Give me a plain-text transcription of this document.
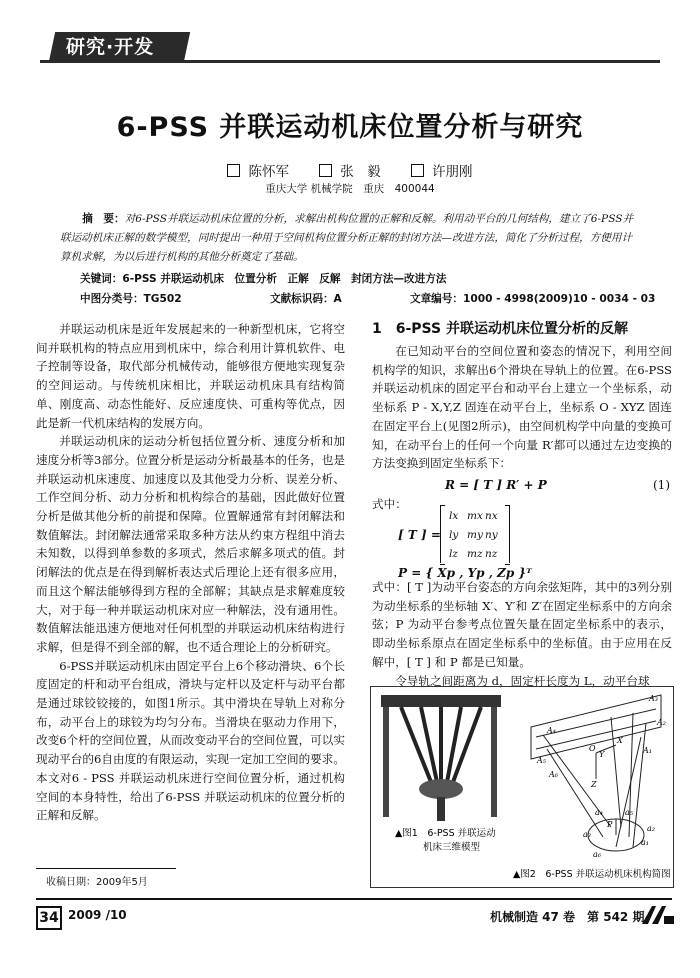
研究·开发
6-PSS 并联运动机床位置分析与研究
陈怀军	张　毅	许朋刚
重庆大学 机械学院　重庆　400044
摘　要：对6-PSS并联运动机床位置的分析，求解出机构位置的正解和反解。利用动平台的几何结构，建立了6-PSS并联运动机床正解的数学模型，同时提出一种用于空间机构位置分析正解的封闭方法—改进方法，简化了分析过程，方便用计算机求解，为以后进行机构的其他分析奠定了基础。
关键词：6-PSS 并联运动机床　位置分析　正解　反解　封闭方法—改进方法
中图分类号：TG502	文献标识码：A	文章编号：1000 - 4998(2009)10 - 0034 - 03

并联运动机床是近年发展起来的一种新型机床，它将空间并联机构的特点应用到机床中，综合利用计算机软件、电子控制等设备，取代部分机械传动，能够很方便地实现复杂的空间运动。与传统机床相比，并联运动机床具有结构简单、刚度高、动态性能好、反应速度快、可重构等优点，因此是新一代机床结构的发展方向。

并联运动机床的运动分析包括位置分析、速度分析和加速度分析等3部分。位置分析是运动分析最基本的任务，也是并联运动机床速度、加速度以及其他受力分析、误差分析、工作空间分析、动力分析和机构综合的基础，因此做好位置分析是做其他分析的前提和保障。位置解通常有封闭解法和数值解法。封闭解法通常采取多种方法从约束方程组中消去未知数，以得到单参数的多项式，然后求解多项式的值。封闭解法的优点是在得到解析表达式后理论上还有很多应用，而且这个解法能够得到方程的全部解；其缺点是求解难度较大，对于每一种并联运动机床对应一种解法，没有通用性。数值解法能迅速方便地对任何机型的并联运动机床结构进行求解，但是得不到全部的解，也不适合理论上的分析研究。

6-PSS并联运动机床由固定平台上6个移动滑块、6个长度固定的杆和动平台组成，滑块与定杆以及定杆与动平台都是通过球铰铰接的，如图1所示。其中滑块在导轨上对称分布，动平台上的球铰为均匀分布。当滑块在驱动力作用下，改变6个杆的空间位置，从而改变动平台的空间位置，可以实现动平台的6自由度的有限运动，实现一定加工空间的要求。本文对6 - PSS 并联运动机床进行空间位置分析，通过机构空间的本身特性，给出了6-PSS 并联运动机床的位置分析的正解和反解。

收稿日期：2009年5月
1　6-PSS 并联运动机床位置分析的反解

在已知动平台的空间位置和姿态的情况下，利用空间机构学的知识，求解出6个滑块在导轨上的位置。在6-PSS 并联运动机床的固定平台和动平台上建立一个坐标系，动坐标系 P - X,Y,Z 固连在动平台上，坐标系 O - XYZ 固连在固定平台上(见图2所示)，由空间机构学中向量的变换可知，在动平台上的任何一个向量 R′都可以通过左边变换的方法变换到固定坐标系下：

R = [ T ] R′ + P	(1)
式中：
[ T ] =
lx mx nx
ly my ny
lz mz nz
P = { Xp , Yp , Zp }ᵀ

式中：[ T ]为动平台姿态的方向余弦矩阵，其中的3列分别为动坐标系的坐标轴 X′、Y′和 Z′在固定坐标系中的方向余弦；P 为动平台参考点位置矢量在固定坐标系中的表示，即动坐标系原点在固定坐标系中的坐标值。由于应用在反解中，[ T ] 和 P 都是已知量。

令导轨之间距离为 d，固定杆长度为 L，动平台球

▲图1　6-PSS 并联运动
机床三维模型
A₃
A₂
A₄
A₅
A₁
A₆
O
X
Y
Z
P
a₁
a₂
a₃
a₄	a₅
a₆
▲图2　6-PSS 并联运动机床机构简图
34 2009 /10	机械制造 47 卷　第 542 期
